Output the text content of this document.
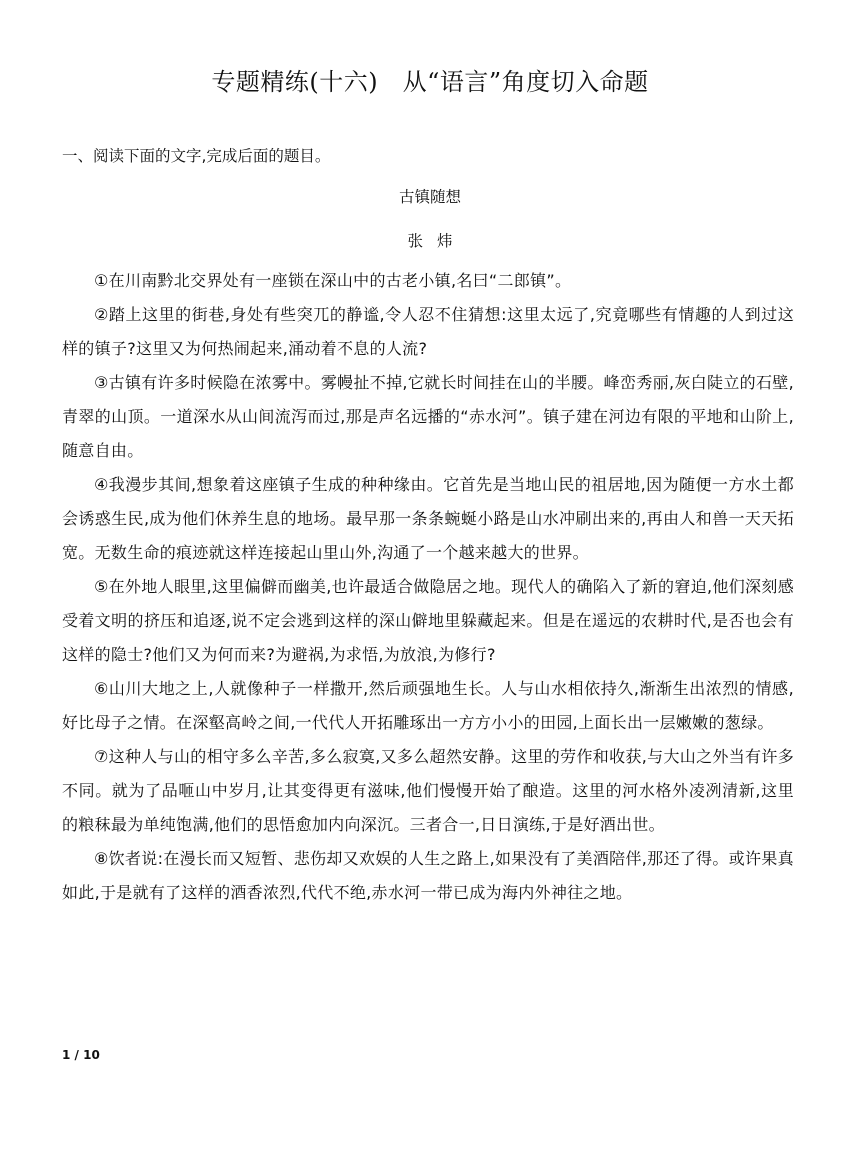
专题精练(十六)　从“语言”角度切入命题
一、阅读下面的文字,完成后面的题目。
古镇随想
张炜

①在川南黔北交界处有一座锁在深山中的古老小镇,名曰“二郎镇”。

②踏上这里的街巷,身处有些突兀的静谧,令人忍不住猜想:这里太远了,究竟哪些有情趣的人到过这样的镇子?这里又为何热闹起来,涌动着不息的人流?

③古镇有许多时候隐在浓雾中。雾幔扯不掉,它就长时间挂在山的半腰。峰峦秀丽,灰白陡立的石壁,青翠的山顶。一道深水从山间流泻而过,那是声名远播的“赤水河”。镇子建在河边有限的平地和山阶上,随意自由。

④我漫步其间,想象着这座镇子生成的种种缘由。它首先是当地山民的祖居地,因为随便一方水土都会诱惑生民,成为他们休养生息的地场。最早那一条条蜿蜒小路是山水冲刷出来的,再由人和兽一天天拓宽。无数生命的痕迹就这样连接起山里山外,沟通了一个越来越大的世界。

⑤在外地人眼里,这里偏僻而幽美,也许最适合做隐居之地。现代人的确陷入了新的窘迫,他们深刻感受着文明的挤压和追逐,说不定会逃到这样的深山僻地里躲藏起来。但是在遥远的农耕时代,是否也会有这样的隐士?他们又为何而来?为避祸,为求悟,为放浪,为修行?

⑥山川大地之上,人就像种子一样撒开,然后顽强地生长。人与山水相依持久,渐渐生出浓烈的情感,好比母子之情。在深壑高岭之间,一代代人开拓雕琢出一方方小小的田园,上面长出一层嫩嫩的葱绿。

⑦这种人与山的相守多么辛苦,多么寂寞,又多么超然安静。这里的劳作和收获,与大山之外当有许多不同。就为了品咂山中岁月,让其变得更有滋味,他们慢慢开始了酿造。这里的河水格外凌冽清新,这里的粮秣最为单纯饱满,他们的思悟愈加内向深沉。三者合一,日日演练,于是好酒出世。

⑧饮者说:在漫长而又短暂、悲伤却又欢娱的人生之路上,如果没有了美酒陪伴,那还了得。或许果真如此,于是就有了这样的酒香浓烈,代代不绝,赤水河一带已成为海内外神往之地。

1 / 10
